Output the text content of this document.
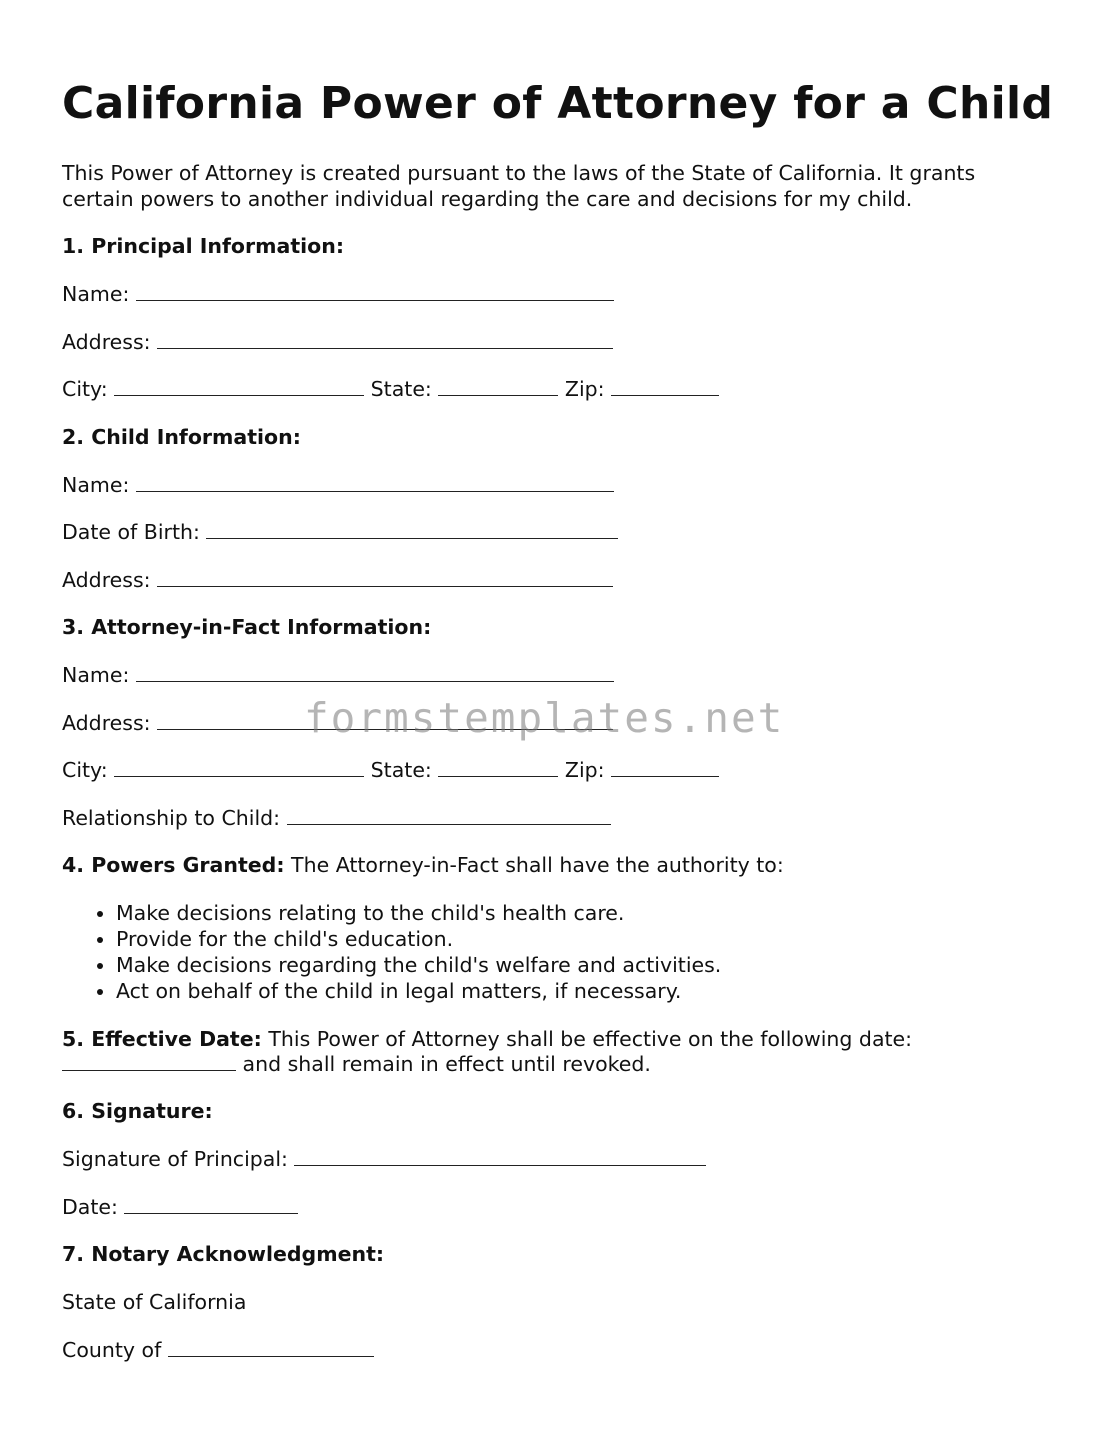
California Power of Attorney for a Child

This Power of Attorney is created pursuant to the laws of the State of California. It grants certain powers to another individual regarding the care and decisions for my child.

1. Principal Information:
Name:
Address:
City:	State:	Zip:
2. Child Information:
Name:
Date of Birth:
Address:
3. Attorney-in-Fact Information:
Name:
Address:
City:	State:	Zip:
Relationship to Child:
4. Powers Granted: The Attorney-in-Fact shall have the authority to:
• Make decisions relating to the child's health care.
• Provide for the child's education.
• Make decisions regarding the child's welfare and activities.
• Act on behalf of the child in legal matters, if necessary.
5. Effective Date: This Power of Attorney shall be effective on the following date:
and shall remain in effect until revoked.
6. Signature:
Signature of Principal:
Date:
7. Notary Acknowledgment:
State of California
County of
formstemplates.net
